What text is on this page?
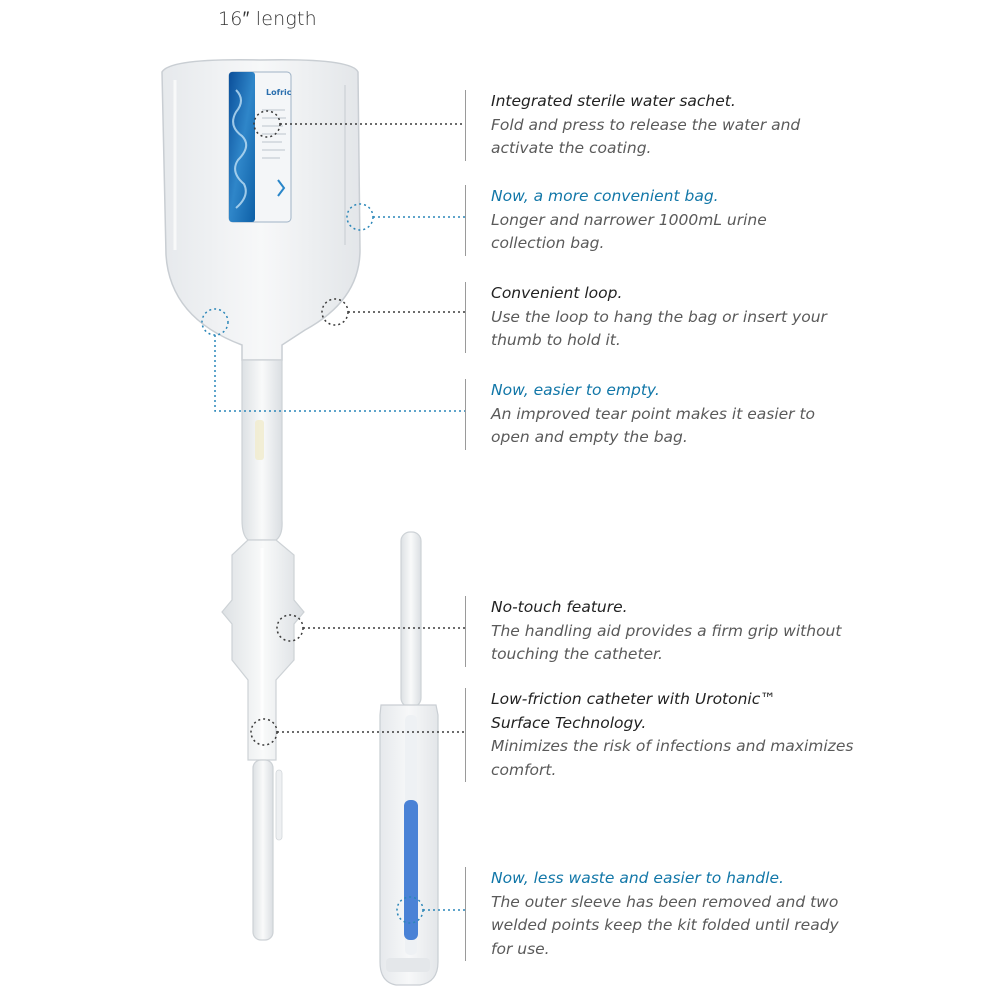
16″ length
Lofric	Integrated sterile water sachet.
Fold and press to release the water and activate the coating.
Now, a more convenient bag.
Longer and narrower 1000mL urine collection bag.
Convenient loop.
Use the loop to hang the bag or insert your thumb to hold it.
Now, easier to empty.
An improved tear point makes it easier to open and empty the bag.
No-touch feature.
The handling aid provides a firm grip without touching the catheter.
Low-friction catheter with Urotonic™ Surface Technology.
Minimizes the risk of infections and maximizes comfort.
Now, less waste and easier to handle.
The outer sleeve has been removed and two welded points keep the kit folded until ready for use.
